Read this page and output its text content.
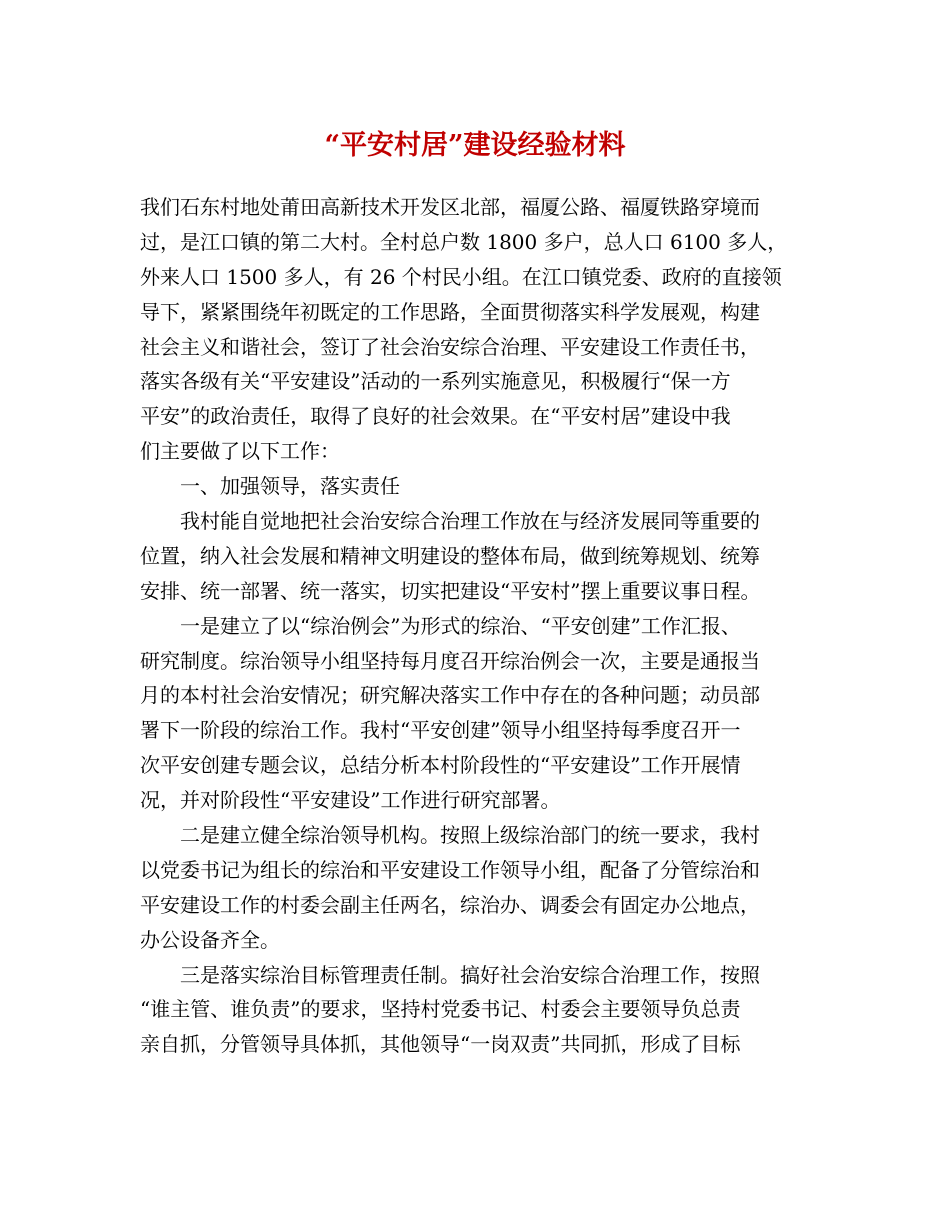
“平安村居”建设经验材料
我们石东村地处莆田高新技术开发区北部，福厦公路、福厦铁路穿境而
过，是江口镇的第二大村。全村总户数 1800 多户，总人口 6100 多人，
外来人口 1500 多人，有 26 个村民小组。在江口镇党委、政府的直接领
导下，紧紧围绕年初既定的工作思路，全面贯彻落实科学发展观，构建
社会主义和谐社会，签订了社会治安综合治理、平安建设工作责任书，
落实各级有关“平安建设”活动的一系列实施意见，积极履行“保一方
平安”的政治责任，取得了良好的社会效果。在“平安村居”建设中我
们主要做了以下工作：
一、加强领导，落实责任
我村能自觉地把社会治安综合治理工作放在与经济发展同等重要的
位置，纳入社会发展和精神文明建设的整体布局，做到统筹规划、统筹
安排、统一部署、统一落实，切实把建设“平安村”摆上重要议事日程。
一是建立了以“综治例会”为形式的综治、“平安创建”工作汇报、
研究制度。综治领导小组坚持每月度召开综治例会一次，主要是通报当
月的本村社会治安情况；研究解决落实工作中存在的各种问题；动员部
署下一阶段的综治工作。我村“平安创建”领导小组坚持每季度召开一
次平安创建专题会议，总结分析本村阶段性的“平安建设”工作开展情
况，并对阶段性“平安建设”工作进行研究部署。
二是建立健全综治领导机构。按照上级综治部门的统一要求，我村
以党委书记为组长的综治和平安建设工作领导小组，配备了分管综治和
平安建设工作的村委会副主任两名，综治办、调委会有固定办公地点，
办公设备齐全。
三是落实综治目标管理责任制。搞好社会治安综合治理工作，按照
“谁主管、谁负责”的要求，坚持村党委书记、村委会主要领导负总责
亲自抓，分管领导具体抓，其他领导“一岗双责”共同抓，形成了目标
